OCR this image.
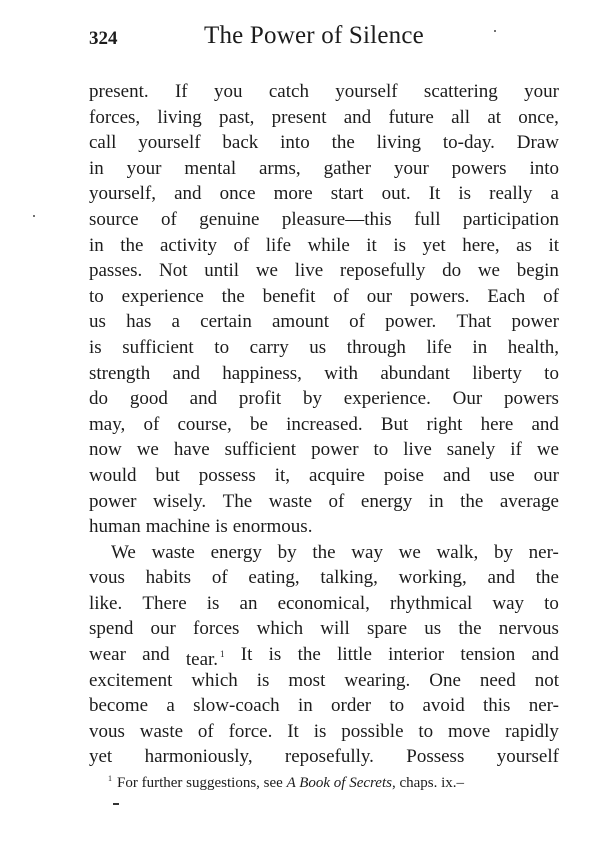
324	The Power of Silence
present. If you catch yourself scattering your
forces, living past, present and future all at once,
call yourself back into the living to-day. Draw
in your mental arms, gather your powers into
yourself, and once more start out. It is really a
source of genuine pleasure—this full participation
in the activity of life while it is yet here, as it
passes. Not until we live reposefully do we begin
to experience the benefit of our powers. Each of
us has a certain amount of power. That power
is sufficient to carry us through life in health,
strength and happiness, with abundant liberty to
do good and profit by experience. Our powers
may, of course, be increased. But right here and
now we have sufficient power to live sanely if we
would but possess it, acquire poise and use our
power wisely. The waste of energy in the average
human machine is enormous.
We waste energy by the way we walk, by ner-
vous habits of eating, talking, working, and the
like. There is an economical, rhythmical way to
spend our forces which will spare us the nervous
wear and tear. $^1$ It is the little interior tension and
excitement which is most wearing. One need not
become a slow-coach in order to avoid this ner-
vous waste of force. It is possible to move rapidly
yet harmoniously, reposefully. Possess yourself
$^1$ For further suggestions, see A Book of Secrets, chaps. ix.–
